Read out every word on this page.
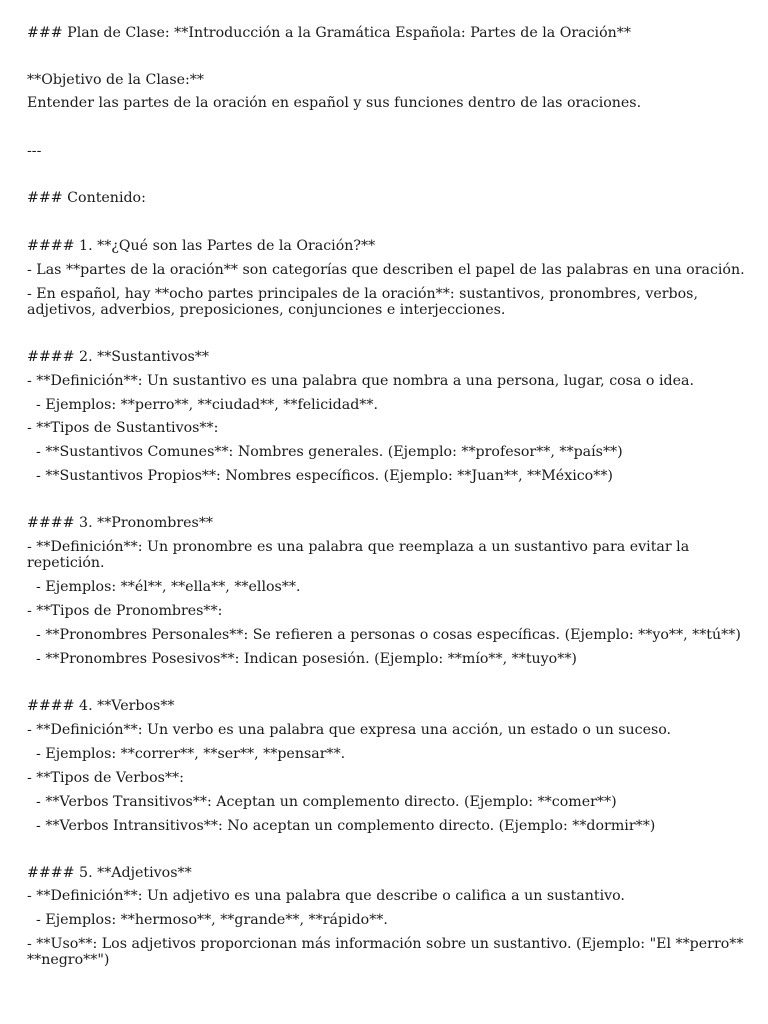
### Plan de Clase: **Introducción a la Gramática Española: Partes de la Oración**

**Objetivo de la Clase:**

Entender las partes de la oración en español y sus funciones dentro de las oraciones.

---

### Contenido:

#### 1. **¿Qué son las Partes de la Oración?**

- Las **partes de la oración** son categorías que describen el papel de las palabras en una oración.

- En español, hay **ocho partes principales de la oración**: sustantivos, pronombres, verbos, adjetivos, adverbios, preposiciones, conjunciones e interjecciones.

#### 2. **Sustantivos**

- **Definición**: Un sustantivo es una palabra que nombra a una persona, lugar, cosa o idea.

- Ejemplos: **perro**, **ciudad**, **felicidad**.

- **Tipos de Sustantivos**:

- **Sustantivos Comunes**: Nombres generales. (Ejemplo: **profesor**, **país**)

- **Sustantivos Propios**: Nombres específicos. (Ejemplo: **Juan**, **México**)

#### 3. **Pronombres**

- **Definición**: Un pronombre es una palabra que reemplaza a un sustantivo para evitar la repetición.

- Ejemplos: **él**, **ella**, **ellos**.

- **Tipos de Pronombres**:

- **Pronombres Personales**: Se refieren a personas o cosas específicas. (Ejemplo: **yo**, **tú**)

- **Pronombres Posesivos**: Indican posesión. (Ejemplo: **mío**, **tuyo**)

#### 4. **Verbos**

- **Definición**: Un verbo es una palabra que expresa una acción, un estado o un suceso.

- Ejemplos: **correr**, **ser**, **pensar**.

- **Tipos de Verbos**:

- **Verbos Transitivos**: Aceptan un complemento directo. (Ejemplo: **comer**)

- **Verbos Intransitivos**: No aceptan un complemento directo. (Ejemplo: **dormir**)

#### 5. **Adjetivos**

- **Definición**: Un adjetivo es una palabra que describe o califica a un sustantivo.

- Ejemplos: **hermoso**, **grande**, **rápido**.

- **Uso**: Los adjetivos proporcionan más información sobre un sustantivo. (Ejemplo: "El **perro** **negro**")
